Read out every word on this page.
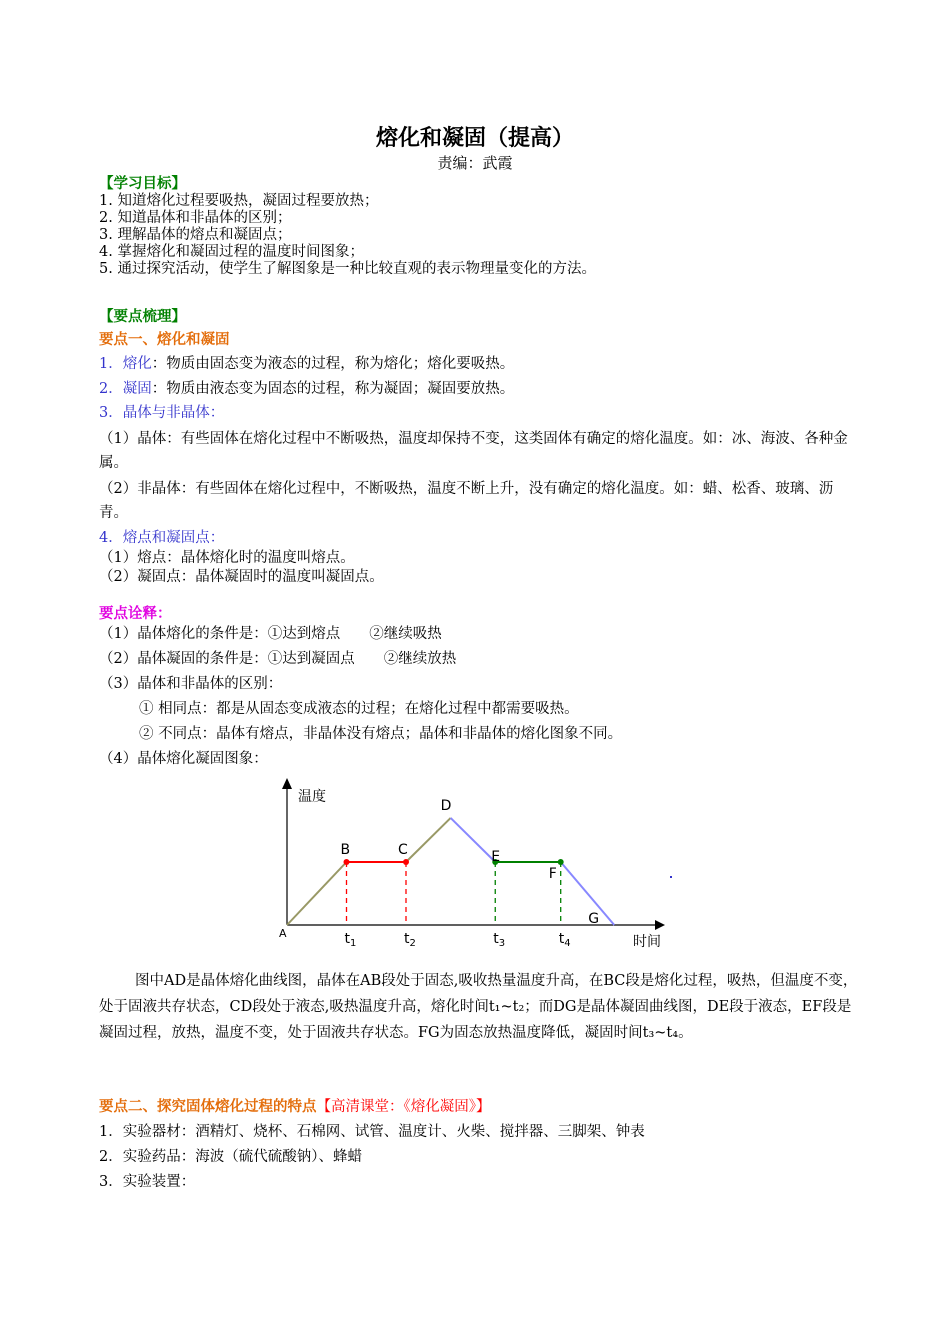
熔化和凝固（提高）
责编：武霞
【学习目标】
1. 知道熔化过程要吸热，凝固过程要放热；
2. 知道晶体和非晶体的区别；
3. 理解晶体的熔点和凝固点；
4. 掌握熔化和凝固过程的温度时间图象；
5. 通过探究活动，使学生了解图象是一种比较直观的表示物理量变化的方法。
【要点梳理】
要点一、熔化和凝固
1．熔化：物质由固态变为液态的过程，称为熔化；熔化要吸热。
2．凝固：物质由液态变为固态的过程，称为凝固；凝固要放热。
3．晶体与非晶体：
（1）晶体：有些固体在熔化过程中不断吸热，温度却保持不变，这类固体有确定的熔化温度。如：冰、海波、各种金属。
（2）非晶体：有些固体在熔化过程中，不断吸热，温度不断上升，没有确定的熔化温度。如：蜡、松香、玻璃、沥青。
4．熔点和凝固点：
（1）熔点：晶体熔化时的温度叫熔点。
（2）凝固点：晶体凝固时的温度叫凝固点。
要点诠释：
（1）晶体熔化的条件是：①达到熔点　　②继续吸热
（2）晶体凝固的条件是：①达到凝固点　　②继续放热
（3）晶体和非晶体的区别：
① 相同点：都是从固态变成液态的过程；在熔化过程中都需要吸热。
② 不同点：晶体有熔点，非晶体没有熔点；晶体和非晶体的熔化图象不同。
（4）晶体熔化凝固图象：
温度
时间
$t_1$	$t_2$	$t_3$	$t_4$
A
B	C
D
E
F
G
图中AD是晶体熔化曲线图，晶体在AB段处于固态,吸收热量温度升高，在BC段是熔化过程，吸热，但温度不变，处于固液共存状态，CD段处于液态,吸热温度升高，熔化时间t₁~t₂；而DG是晶体凝固曲线图，DE段于液态，EF段是凝固过程，放热，温度不变，处于固液共存状态。FG为固态放热温度降低，凝固时间t₃~t₄。
要点二、探究固体熔化过程的特点【高清课堂：《熔化凝固》】
1．实验器材：酒精灯、烧杯、石棉网、试管、温度计、火柴、搅拌器、三脚架、钟表
2．实验药品：海波（硫代硫酸钠）、蜂蜡
3．实验装置：
